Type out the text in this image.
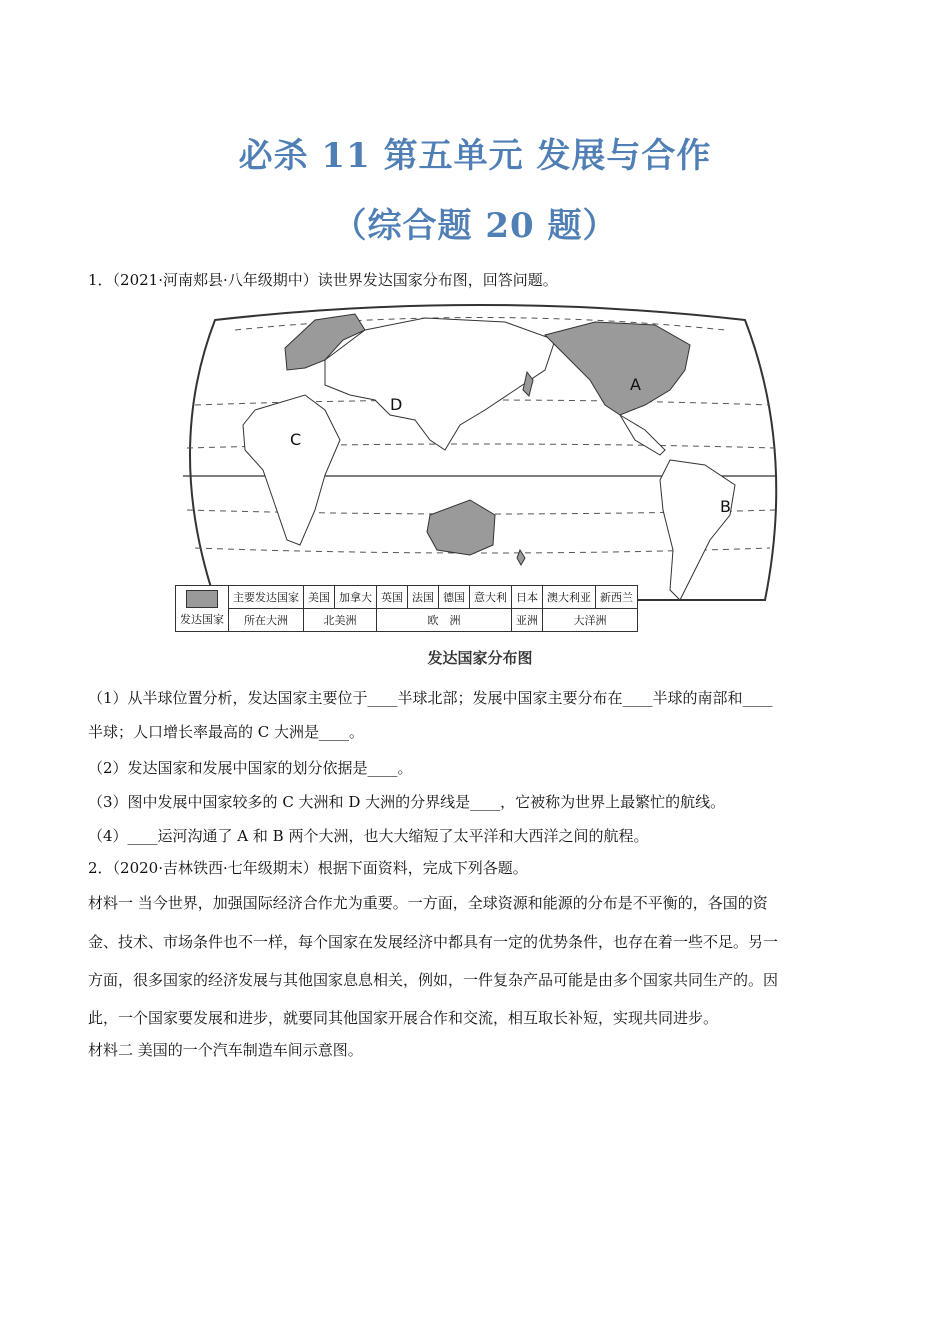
必杀 11 第五单元 发展与合作
（综合题 20 题）
1．（2021·河南郏县·八年级期中）读世界发达国家分布图，回答问题。
A
B
C
D

发达国家	主要发达国家	美国	加拿大	英国	法国	德国	意大利	日本	澳大利亚	新西兰
	所在大洲	北美洲		欧　洲				亚洲	大洋洲	
发达国家分布图
（1）从半球位置分析，发达国家主要位于____半球北部；发展中国家主要分布在____半球的南部和____
半球；人口增长率最高的 C 大洲是____。
（2）发达国家和发展中国家的划分依据是____。
（3）图中发展中国家较多的 C 大洲和 D 大洲的分界线是____，它被称为世界上最繁忙的航线。
（4）____运河沟通了 A 和 B 两个大洲，也大大缩短了太平洋和大西洋之间的航程。
2．（2020·吉林铁西·七年级期末）根据下面资料，完成下列各题。
材料一 当今世界，加强国际经济合作尤为重要。一方面，全球资源和能源的分布是不平衡的，各国的资
金、技术、市场条件也不一样，每个国家在发展经济中都具有一定的优势条件，也存在着一些不足。另一
方面，很多国家的经济发展与其他国家息息相关，例如，一件复杂产品可能是由多个国家共同生产的。因
此，一个国家要发展和进步，就要同其他国家开展合作和交流，相互取长补短，实现共同进步。
材料二 美国的一个汽车制造车间示意图。
